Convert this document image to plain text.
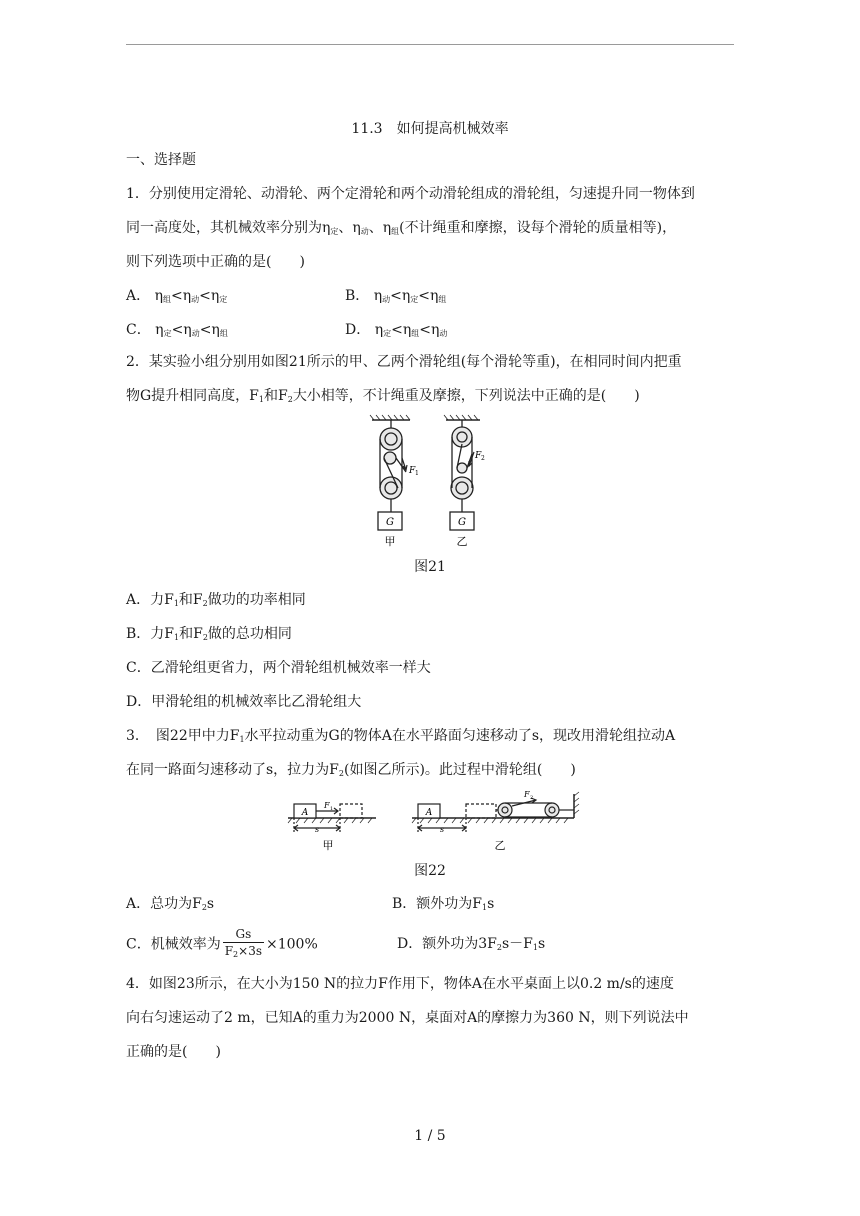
11.3　如何提高机械效率
一、选择题
1．分别使用定滑轮、动滑轮、两个定滑轮和两个动滑轮组成的滑轮组，匀速提升同一物体到
同一高度处，其机械效率分别为$\eta_定$、$\eta_动$、$\eta_组$(不计绳重和摩擦，设每个滑轮的质量相等)，
则下列选项中正确的是(　　)
A． $\eta_组<\eta_动<\eta_定$	B． $\eta_动<\eta_定<\eta_组$
C． $\eta_定<\eta_动<\eta_组$	D． $\eta_定<\eta_组<\eta_动$
2．某实验小组分别用如图21所示的甲、乙两个滑轮组(每个滑轮等重)，在相同时间内把重
物G提升相同高度，$F_1$和$F_2$大小相等，不计绳重及摩擦，下列说法中正确的是(　　)
F 1
G
甲
F 2
G
乙
图21
A．力$F_1$和$F_2$做功的功率相同
B．力$F_1$和$F_2$做的总功相同
C．乙滑轮组更省力，两个滑轮组机械效率一样大
D．甲滑轮组的机械效率比乙滑轮组大
3．　图22甲中力$F_1$水平拉动重为G的物体A在水平路面匀速移动了s，现改用滑轮组拉动A
在同一路面匀速移动了s，拉力为$F_2$(如图乙所示)。此过程中滑轮组(　　)
A
F 1
s
甲
A
F 2
s
乙
图22
A．总功为$F_2s$	B．额外功为$F_1s$
C．机械效率为 $\frac{Gs}{F_2\times 3s} \times 100\%$	D．额外功为$3F_2s-F_1s$
4．如图23所示，在大小为150 N的拉力F作用下，物体A在水平桌面上以0.2 m/s的速度
向右匀速运动了2 m，已知A的重力为2000 N，桌面对A的摩擦力为360 N，则下列说法中
正确的是(　　)
1 / 5
